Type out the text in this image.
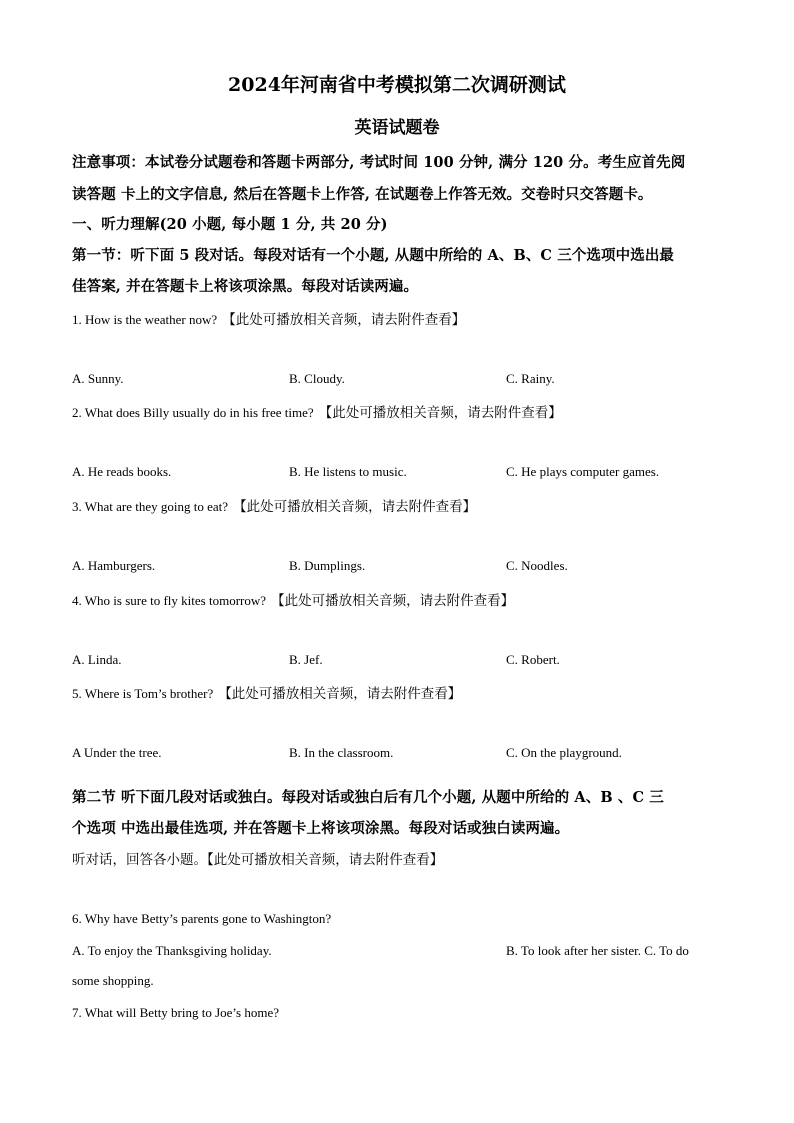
2024年河南省中考模拟第二次调研测试
英语试题卷
注意事项：本试卷分试题卷和答题卡两部分, 考试时间 100 分钟, 满分 120 分。考生应首先阅
读答题 卡上的文字信息, 然后在答题卡上作答, 在试题卷上作答无效。交卷时只交答题卡。
一、听力理解(20 小题, 每小题 1 分, 共 20 分)
第一节：听下面 5 段对话。每段对话有一个小题, 从题中所给的 A、B、C 三个选项中选出最
佳答案, 并在答题卡上将该项涂黑。每段对话读两遍。
1. How is the weather now? 【此处可播放相关音频，请去附件查看】
A. Sunny.	B. Cloudy.	C. Rainy.
2. What does Billy usually do in his free time? 【此处可播放相关音频，请去附件查看】
A. He reads books.	B. He listens to music.	C. He plays computer games.
3. What are they going to eat? 【此处可播放相关音频，请去附件查看】
A. Hamburgers.	B. Dumplings.	C. Noodles.
4. Who is sure to fly kites tomorrow? 【此处可播放相关音频，请去附件查看】
A. Linda.	B. Jef.	C. Robert.
5. Where is Tom’s brother? 【此处可播放相关音频，请去附件查看】
A Under the tree.	B. In the classroom.	C. On the playground.
第二节 听下面几段对话或独白。每段对话或独白后有几个小题, 从题中所给的 A、B 、C 三
个选项 中选出最佳选项, 并在答题卡上将该项涂黑。每段对话或独白读两遍。
听对话，回答各小题。【此处可播放相关音频，请去附件查看】
6. Why have Betty’s parents gone to Washington?
A. To enjoy the Thanksgiving holiday.	B. To look after her sister. C. To do
some shopping.
7. What will Betty bring to Joe’s home?
